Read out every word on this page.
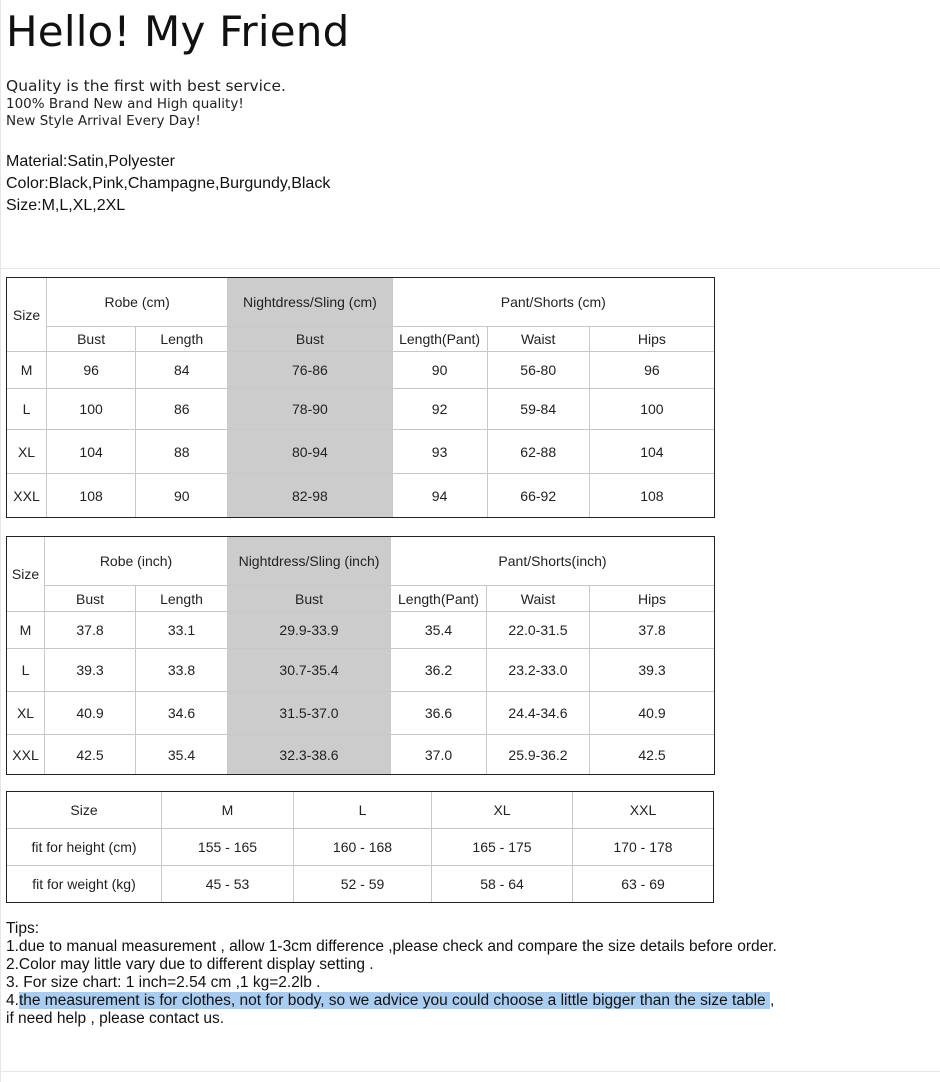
Hello! My Friend
Quality is the first with best service.
100% Brand New and High quality!
New Style Arrival Every Day!
Material:Satin,Polyester
Color:Black,Pink,Champagne,Burgundy,Black
Size:M,L,XL,2XL
Size	Robe (cm)		Nightdress/Sling (cm)	Pant/Shorts (cm)		
	Bust	Length	Bust	Length(Pant)	Waist	Hips
M	96	84	76-86	90	56-80	96
L	100	86	78-90	92	59-84	100
XL	104	88	80-94	93	62-88	104
XXL	108	90	82-98	94	66-92	108
Size	Robe (inch)		Nightdress/Sling (inch)	Pant/Shorts(inch)		
	Bust	Length	Bust	Length(Pant)	Waist	Hips
M	37.8	33.1	29.9-33.9	35.4	22.0-31.5	37.8
L	39.3	33.8	30.7-35.4	36.2	23.2-33.0	39.3
XL	40.9	34.6	31.5-37.0	36.6	24.4-34.6	40.9
XXL	42.5	35.4	32.3-38.6	37.0	25.9-36.2	42.5
Size	M	L	XL	XXL
fit for height (cm)	155 - 165	160 - 168	165 - 175	170 - 178
fit for weight (kg)	45 - 53	52 - 59	58 - 64	63 - 69
Tips:
1.due to manual measurement , allow 1-3cm difference ,please check and compare the size details before order.
2.Color may little vary due to different display setting .
3. For size chart: 1 inch=2.54 cm ,1 kg=2.2lb .
4.the measurement is for clothes, not for body, so we advice you could choose a little bigger than the size table ,
if need help , please contact us.
